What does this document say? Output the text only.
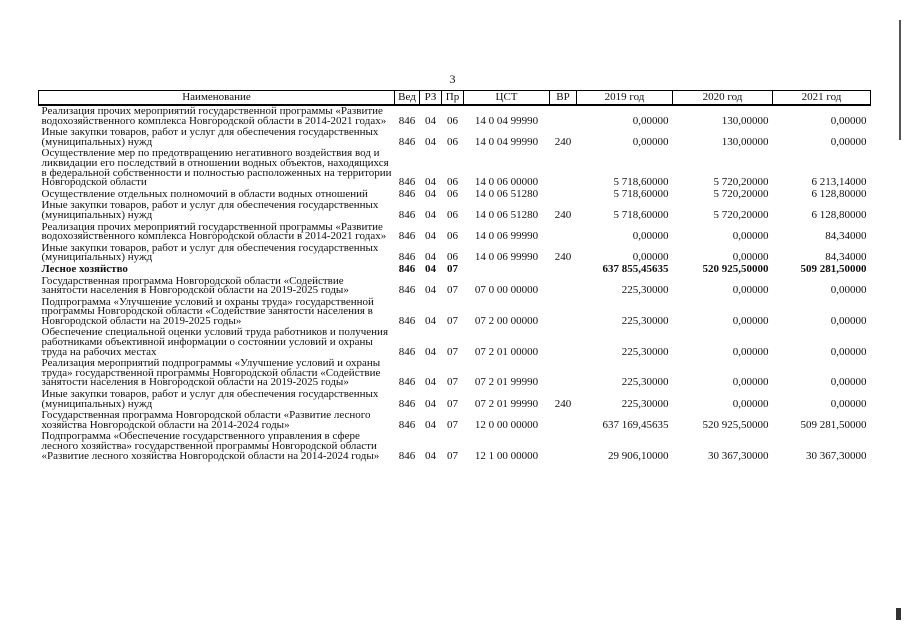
3
Наименование	Вед	РЗ	Пр	ЦСТ	ВР	2019 год	2020 год	2021 год
Реализация прочих мероприятий государственной программы «Развитие водохозяйственного комплекса Новгородской области в 2014-2021 годах»	846	04	06	14 0 04 99990		0,00000	130,00000	0,00000
Иные закупки товаров, работ и услуг для обеспечения государственных (муниципальных) нужд	846	04	06	14 0 04 99990	240	0,00000	130,00000	0,00000
Осуществление мер по предотвращению негативного воздействия вод и ликвидации его последствий в отношении водных объектов, находящихся в федеральной собственности и полностью расположенных на территории Новгородской области	846	04	06	14 0 06 00000		5 718,60000	5 720,20000	6 213,14000
Осуществление отдельных полномочий в области водных отношений	846	04	06	14 0 06 51280		5 718,60000	5 720,20000	6 128,80000
Иные закупки товаров, работ и услуг для обеспечения государственных (муниципальных) нужд	846	04	06	14 0 06 51280	240	5 718,60000	5 720,20000	6 128,80000
Реализация прочих мероприятий государственной программы «Развитие водохозяйственного комплекса Новгородской области в 2014-2021 годах»	846	04	06	14 0 06 99990		0,00000	0,00000	84,34000
Иные закупки товаров, работ и услуг для обеспечения государственных (муниципальных) нужд	846	04	06	14 0 06 99990	240	0,00000	0,00000	84,34000
Лесное хозяйство	846	04	07			637 855,45635	520 925,50000	509 281,50000
Государственная программа Новгородской области «Содействие занятости населения в Новгородской области на 2019-2025 годы»	846	04	07	07 0 00 00000		225,30000	0,00000	0,00000
Подпрограмма «Улучшение условий и охраны труда» государственной программы Новгородской области «Содействие занятости населения в Новгородской области на 2019-2025 годы»	846	04	07	07 2 00 00000		225,30000	0,00000	0,00000
Обеспечение специальной оценки условий труда работников и получения работниками объективной информации о состоянии условий и охраны труда на рабочих местах	846	04	07	07 2 01 00000		225,30000	0,00000	0,00000
Реализация мероприятий подпрограммы «Улучшение условий и охраны труда» государственной программы Новгородской области «Содействие занятости населения в Новгородской области на 2019-2025 годы»	846	04	07	07 2 01 99990		225,30000	0,00000	0,00000
Иные закупки товаров, работ и услуг для обеспечения государственных (муниципальных) нужд	846	04	07	07 2 01 99990	240	225,30000	0,00000	0,00000
Государственная программа Новгородской области «Развитие лесного хозяйства Новгородской области на 2014-2024 годы»	846	04	07	12 0 00 00000		637 169,45635	520 925,50000	509 281,50000
Подпрограмма «Обеспечение государственного управления в сфере лесного хозяйства» государственной программы Новгородской области «Развитие лесного хозяйства Новгородской области на 2014-2024 годы»	846	04	07	12 1 00 00000		29 906,10000	30 367,30000	30 367,30000
